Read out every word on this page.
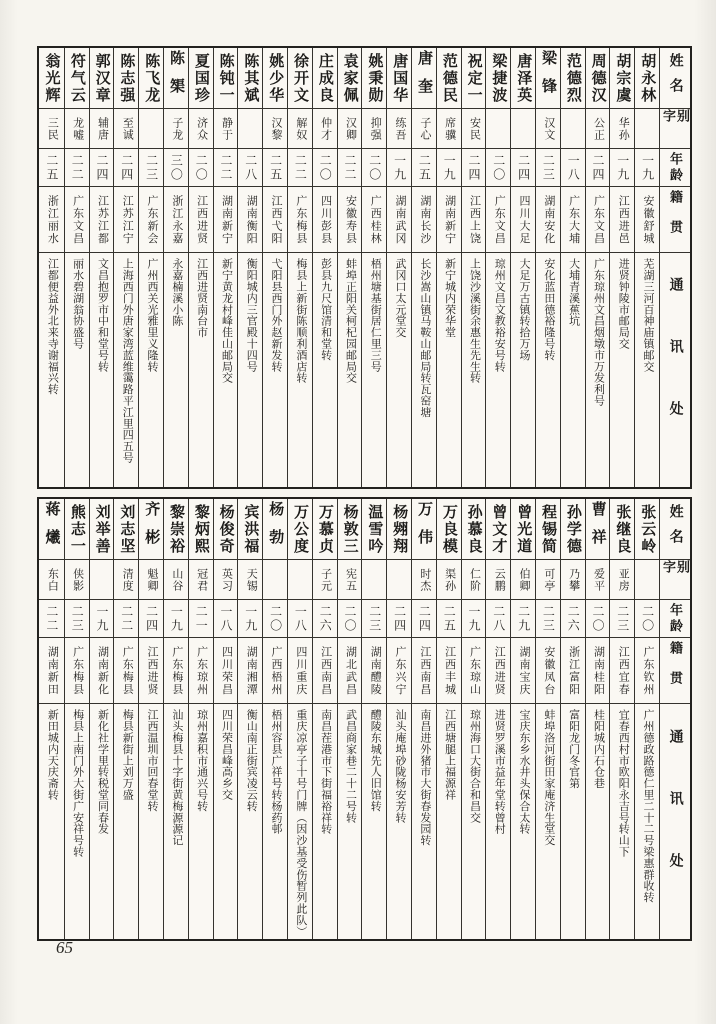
姓名
别字
年龄
籍贯
通讯处
胡永林
一九
安徽舒城
芜湖三河百神庙镇邮交
胡宗虞
华孙
一九
江西进邑
进贤钟陵市邮局交
周德汉
公正
二四
广东文昌
广东琼州文昌烟墩市万发利号
范德烈
一八
广东大埔
大埔青溪蕉坑
梁锋
汉文
二三
湖南安化
安化蓝田德裕隆号转
唐泽英
二四
四川大足
大足万古镇转拾万场
梁捷波
二〇
广东文昌
琼州文昌文教裕安号转
祝定一
安民
二四
江西上饶
上饶沙溪街余惠生先生转
范德民
席骥
一九
湖南新宁
新宁城内荣华堂
唐奎
子心
二五
湖南长沙
长沙嵩山镇马鞍山邮局转瓦窑塘
唐国华
练吾
一九
湖南武冈
武冈口太元堂交
姚秉勋
抑强
二〇
广西桂林
梧州塘基街居仁里三号
袁家佩
汉卿
二二
安徽寿县
蚌埠正阳关柯杞园邮局交
庄成良
仲才
二〇
四川彭县
彭县九尺馆清和堂转
徐开文
解奴
二二
广东梅县
梅县上新街陈顺利酒店转
姚少华
汉黎
二五
江西弋阳
弋阳县西门外赵新发转
陈其斌
二八
湖南衡阳
衡阳城内三官殿十四号
陈钝一
静于
二二
湖南新宁
新宁黄龙村峰佳山邮局交
夏国珍
济众
二〇
江西进贤
江西进贤南台市
陈榘
子龙
三〇
浙江永嘉
永嘉楠溪小陈
陈飞龙
二三
广东新会
广州西关光雅里义隆转
陈志强
至诚
二四
江苏江宁
上海西门外唐家湾蓝维霭路平江里四五号
郭汉章
辅唐
二四
江苏江都
文昌抱罗市中和堂号转
符气云
龙嘘
二二
广东文昌
丽水碧湖翁协盛号
翁光辉
三民
二五
浙江丽水
江都便益外北来寺谢福兴转
姓名
别字
年龄
籍贯
通讯处
张云岭
二〇
广东钦州
广州德政路德仁里二十二号梁惠群收转
张继良
亚房
二三
江西宜春
宜春西村市欧阳永吉号转山下
曹祥
爱平
二〇
湖南桂阳
桂阳城内石仓巷
孙学德
乃攀
二六
浙江富阳
富阳龙门冬官第
程锡简
可亭
二三
安徽凤台
蚌埠洛河街田家庵济生堂交
曾光道
伯卿
二九
湖南宝庆
宝庆东乡水井头保合太转
曾文才
云鹏
二八
江西进贤
进贤罗溪市益年堂转曾村
孙慕良
仁阶
一九
广东琼山
琼州海口大街合和昌交
万良模
渠孙
二五
江西丰城
江西塘腿上福源祥
万伟
时杰
二四
江西南昌
南昌进外猪市大街春发园转
杨翙翔
二四
广东兴宁
汕头庵埠砂陇杨安芳转
温雪吟
二三
湖南醴陵
醴陵东城先人旧馆转
杨敦三
宪五
二〇
湖北武昌
武昌商家巷二十二号转
万慕贞
子元
二六
江西南昌
南昌茬港市下街福裕祥转
万公度
一八
四川重庆
重庆凉亭子十号门牌（因沙基受伤暂列此队）
杨勃
二〇
广西梧州
梧州容县广祥号转杨药邨
宾洪福
天锡
一九
湖南湘潭
衡山南正街宾凌云转
杨俊奇
英习
一八
四川荣昌
四川荣昌峰高乡交
黎炳熙
冠君
二一
广东琼州
琼州嘉积市通兴号转
黎崇裕
山谷
一九
广东梅县
汕头梅县十字街黄梅源源记
齐彬
魁卿
二四
江西进贤
江西温圳市回春堂转
刘志坚
清度
二二
广东梅县
梅县新街上刘万盛
刘举善
一九
湖南新化
新化社学里转税堂同春发
熊志一
侠影
二三
广东梅县
梅县上南门外大街广安祥号转
蒋爔
东白
二二
湖南新田
新田城内天庆斋转
65
